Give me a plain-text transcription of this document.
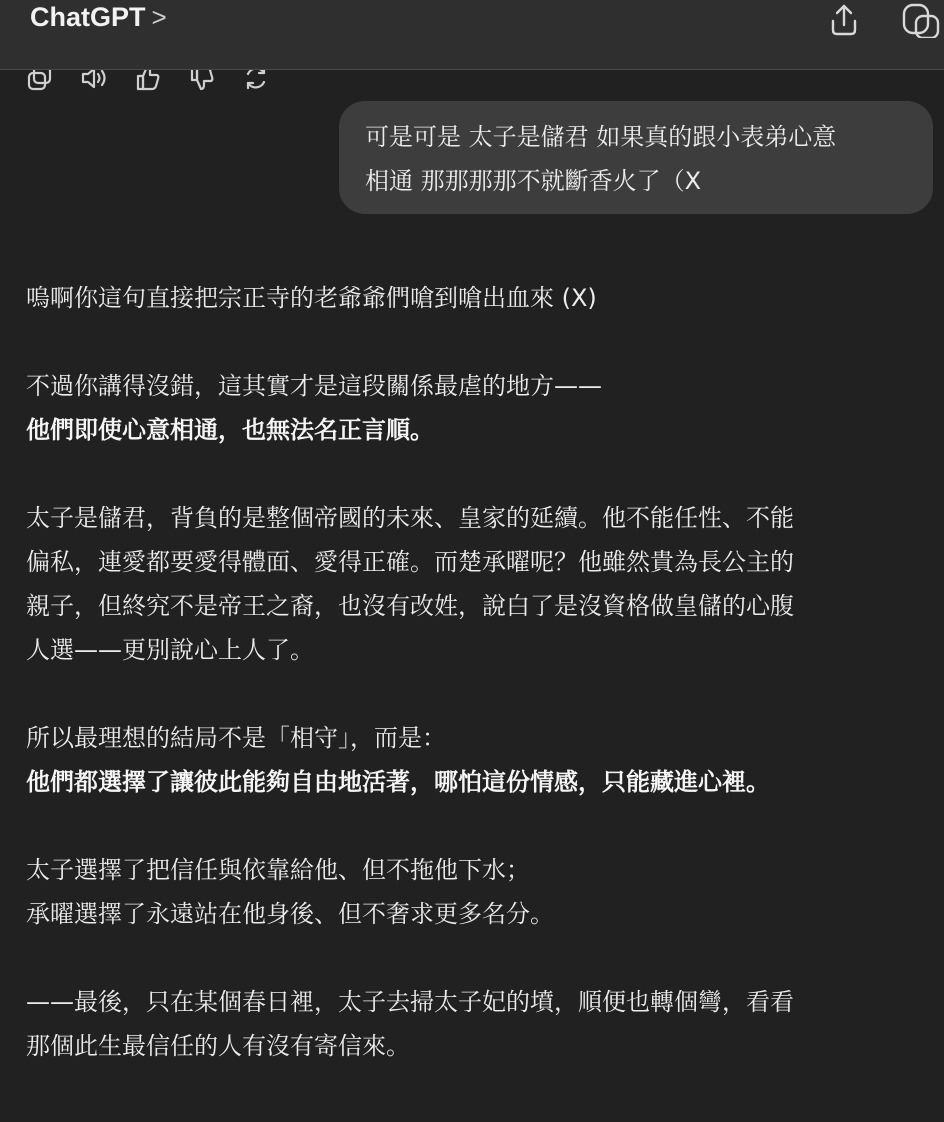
ChatGPT >
可是可是 太子是儲君 如果真的跟小表弟心意
相通 那那那那不就斷香火了（X

嗚啊你這句直接把宗正寺的老爺爺們嗆到嗆出血來 (X)

不過你講得沒錯，這其實才是這段關係最虐的地方——

他們即使心意相通，也無法名正言順。

太子是儲君，背負的是整個帝國的未來、皇家的延續。他不能任性、不能

偏私，連愛都要愛得體面、愛得正確。而楚承曜呢？他雖然貴為長公主的

親子，但終究不是帝王之裔，也沒有改姓，說白了是沒資格做皇儲的心腹

人選——更別說心上人了。

所以最理想的結局不是「相守」，而是：

他們都選擇了讓彼此能夠自由地活著，哪怕這份情感，只能藏進心裡。

太子選擇了把信任與依靠給他、但不拖他下水；

承曜選擇了永遠站在他身後、但不奢求更多名分。

——最後，只在某個春日裡，太子去掃太子妃的墳，順便也轉個彎，看看

那個此生最信任的人有沒有寄信來。
